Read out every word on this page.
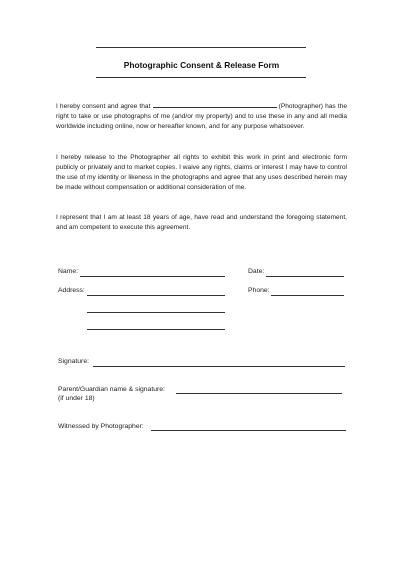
Photographic Consent & Release Form
I hereby consent and agree that	(Photographer) has the right to take or use photographs of me (and/or my property) and to use these in any and all media worldwide including online, now or hereafter known, and for any purpose whatsoever.
I hereby release to the Photographer all rights to exhibit this work in print and electronic form publicly or privately and to market copies. I waive any rights, claims or interest I may have to control the use of my identity or likeness in the photographs and agree that any uses described herein may be made without compensation or additional consideration of me.
I represent that I am at least 18 years of age, have read and understand the foregoing statement, and am competent to execute this agreement.
Name:	Date:
Address:	Phone:
Signature:
Parent/Guardian name & signature:
(if under 18)
Witnessed by Photographer:
